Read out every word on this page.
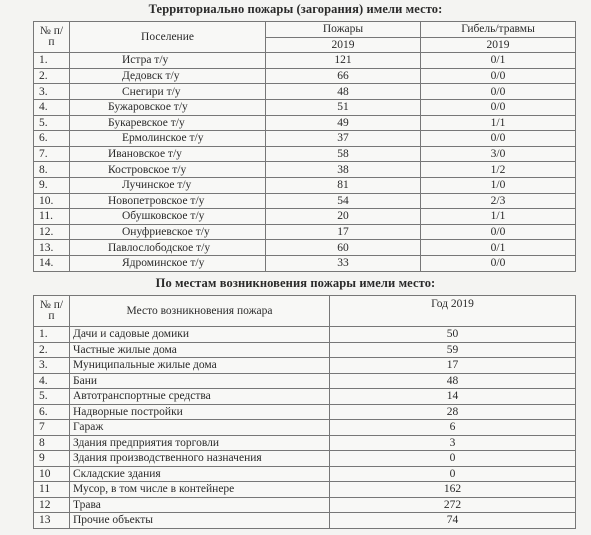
Территориально пожары (загорания) имели место:
№ п/п	Поселение	Пожары	Гибель/травмы
		2019	2019
1.	Истра т/у	121	0/1
2.	Дедовск т/у	66	0/0
3.	Снегири т/у	48	0/0
4.	Бужаровское т/у	51	0/0
5.	Букаревское т/у	49	1/1
6.	Ермолинское т/у	37	0/0
7.	Ивановское т/у	58	3/0
8.	Костровское т/у	38	1/2
9.	Лучинское т/у	81	1/0
10.	Новопетровское т/у	54	2/3
11.	Обушковское т/у	20	1/1
12.	Онуфриевское т/у	17	0/0
13.	Павлослободское т/у	60	0/1
14.	Ядроминское т/у	33	0/0
По местам возникновения пожары имели место:
№ п/п	Место возникновения пожара	Год 2019
1.	Дачи и садовые домики	50
2.	Частные жилые дома	59
3.	Муниципальные жилые дома	17
4.	Бани	48
5.	Автотранспортные средства	14
6.	Надворные постройки	28
7	Гараж	6
8	Здания предприятия торговли	3
9	Здания производственного назначения	0
10	Складские здания	0
11	Мусор, в том числе в контейнере	162
12	Трава	272
13	Прочие объекты	74
